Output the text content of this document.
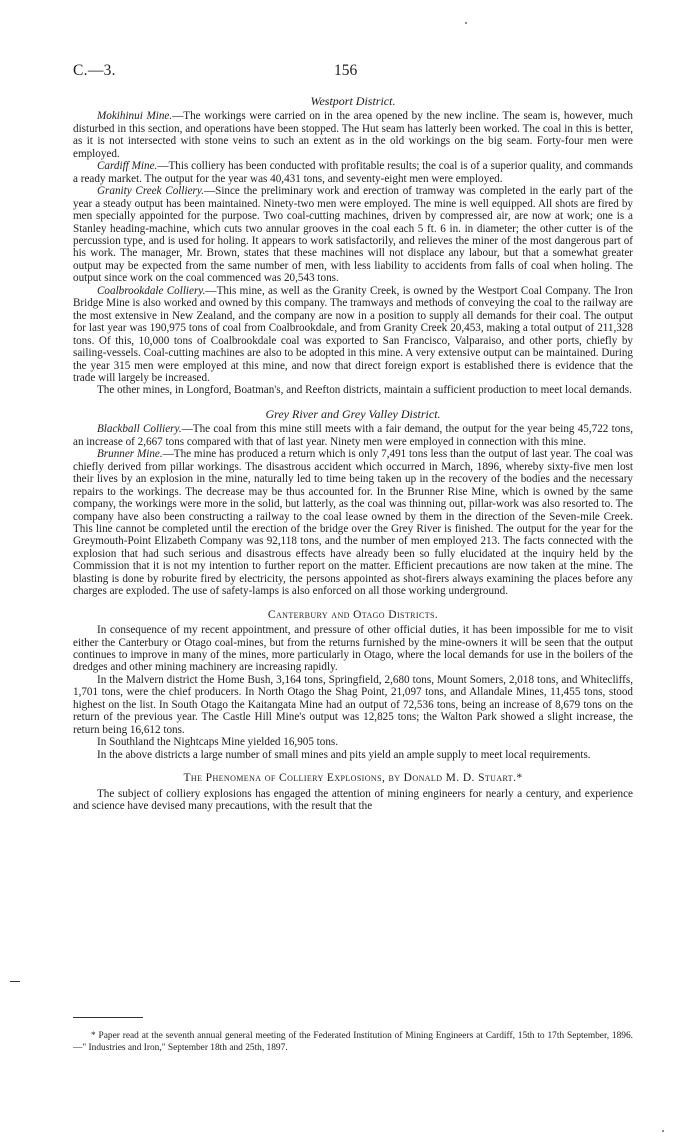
C.—3.	156

Westport District.

Mokihinui Mine.—The workings were carried on in the area opened by the new incline. The seam is, however, much disturbed in this section, and operations have been stopped. The Hut seam has latterly been worked. The coal in this is better, as it is not intersected with stone veins to such an extent as in the old workings on the big seam. Forty-four men were employed.

Cardiff Mine.—This colliery has been conducted with profitable results; the coal is of a superior quality, and commands a ready market. The output for the year was 40,431 tons, and seventy-eight men were employed.

Granity Creek Colliery.—Since the preliminary work and erection of tramway was completed in the early part of the year a steady output has been maintained. Ninety-two men were employed. The mine is well equipped. All shots are fired by men specially appointed for the purpose. Two coal-cutting machines, driven by compressed air, are now at work; one is a Stanley heading-machine, which cuts two annular grooves in the coal each 5 ft. 6 in. in diameter; the other cutter is of the percussion type, and is used for holing. It appears to work satisfactorily, and relieves the miner of the most dangerous part of his work. The manager, Mr. Brown, states that these machines will not displace any labour, but that a somewhat greater output may be expected from the same number of men, with less liability to accidents from falls of coal when holing. The output since work on the coal commenced was 20,543 tons.

Coalbrookdale Colliery.—This mine, as well as the Granity Creek, is owned by the Westport Coal Company. The Iron Bridge Mine is also worked and owned by this company. The tramways and methods of conveying the coal to the railway are the most extensive in New Zealand, and the company are now in a position to supply all demands for their coal. The output for last year was 190,975 tons of coal from Coalbrookdale, and from Granity Creek 20,453, making a total output of 211,328 tons. Of this, 10,000 tons of Coalbrookdale coal was exported to San Francisco, Valparaiso, and other ports, chiefly by sailing-vessels. Coal-cutting machines are also to be adopted in this mine. A very extensive output can be maintained. During the year 315 men were employed at this mine, and now that direct foreign export is established there is evidence that the trade will largely be increased.

The other mines, in Longford, Boatman's, and Reefton districts, maintain a sufficient production to meet local demands.

Grey River and Grey Valley District.

Blackball Colliery.—The coal from this mine still meets with a fair demand, the output for the year being 45,722 tons, an increase of 2,667 tons compared with that of last year. Ninety men were employed in connection with this mine.

Brunner Mine.—The mine has produced a return which is only 7,491 tons less than the output of last year. The coal was chiefly derived from pillar workings. The disastrous accident which occurred in March, 1896, whereby sixty-five men lost their lives by an explosion in the mine, naturally led to time being taken up in the recovery of the bodies and the necessary repairs to the workings. The decrease may be thus accounted for. In the Brunner Rise Mine, which is owned by the same company, the workings were more in the solid, but latterly, as the coal was thinning out, pillar-work was also resorted to. The company have also been constructing a railway to the coal lease owned by them in the direction of the Seven-mile Creek. This line cannot be completed until the erection of the bridge over the Grey River is finished. The output for the year for the Greymouth-Point Elizabeth Company was 92,118 tons, and the number of men employed 213. The facts connected with the explosion that had such serious and disastrous effects have already been so fully elucidated at the inquiry held by the Commission that it is not my intention to further report on the matter. Efficient precautions are now taken at the mine. The blasting is done by roburite fired by electricity, the persons appointed as shot-firers always examining the places before any charges are exploded. The use of safety-lamps is also enforced on all those working underground.

Canterbury and Otago Districts.

In consequence of my recent appointment, and pressure of other official duties, it has been impossible for me to visit either the Canterbury or Otago coal-mines, but from the returns furnished by the mine-owners it will be seen that the output continues to improve in many of the mines, more particularly in Otago, where the local demands for use in the boilers of the dredges and other mining machinery are increasing rapidly.

In the Malvern district the Home Bush, 3,164 tons, Springfield, 2,680 tons, Mount Somers, 2,018 tons, and Whitecliffs, 1,701 tons, were the chief producers. In North Otago the Shag Point, 21,097 tons, and Allandale Mines, 11,455 tons, stood highest on the list. In South Otago the Kaitangata Mine had an output of 72,536 tons, being an increase of 8,679 tons on the return of the previous year. The Castle Hill Mine's output was 12,825 tons; the Walton Park showed a slight increase, the return being 16,612 tons.

In Southland the Nightcaps Mine yielded 16,905 tons.

In the above districts a large number of small mines and pits yield an ample supply to meet local requirements.

The Phenomena of Colliery Explosions, by Donald M. D. Stuart.*

The subject of colliery explosions has engaged the attention of mining engineers for nearly a century, and experience and science have devised many precautions, with the result that the

* Paper read at the seventh annual general meeting of the Federated Institution of Mining Engineers at Cardiff, 15th to 17th September, 1896.—" Industries and Iron," September 18th and 25th, 1897.
